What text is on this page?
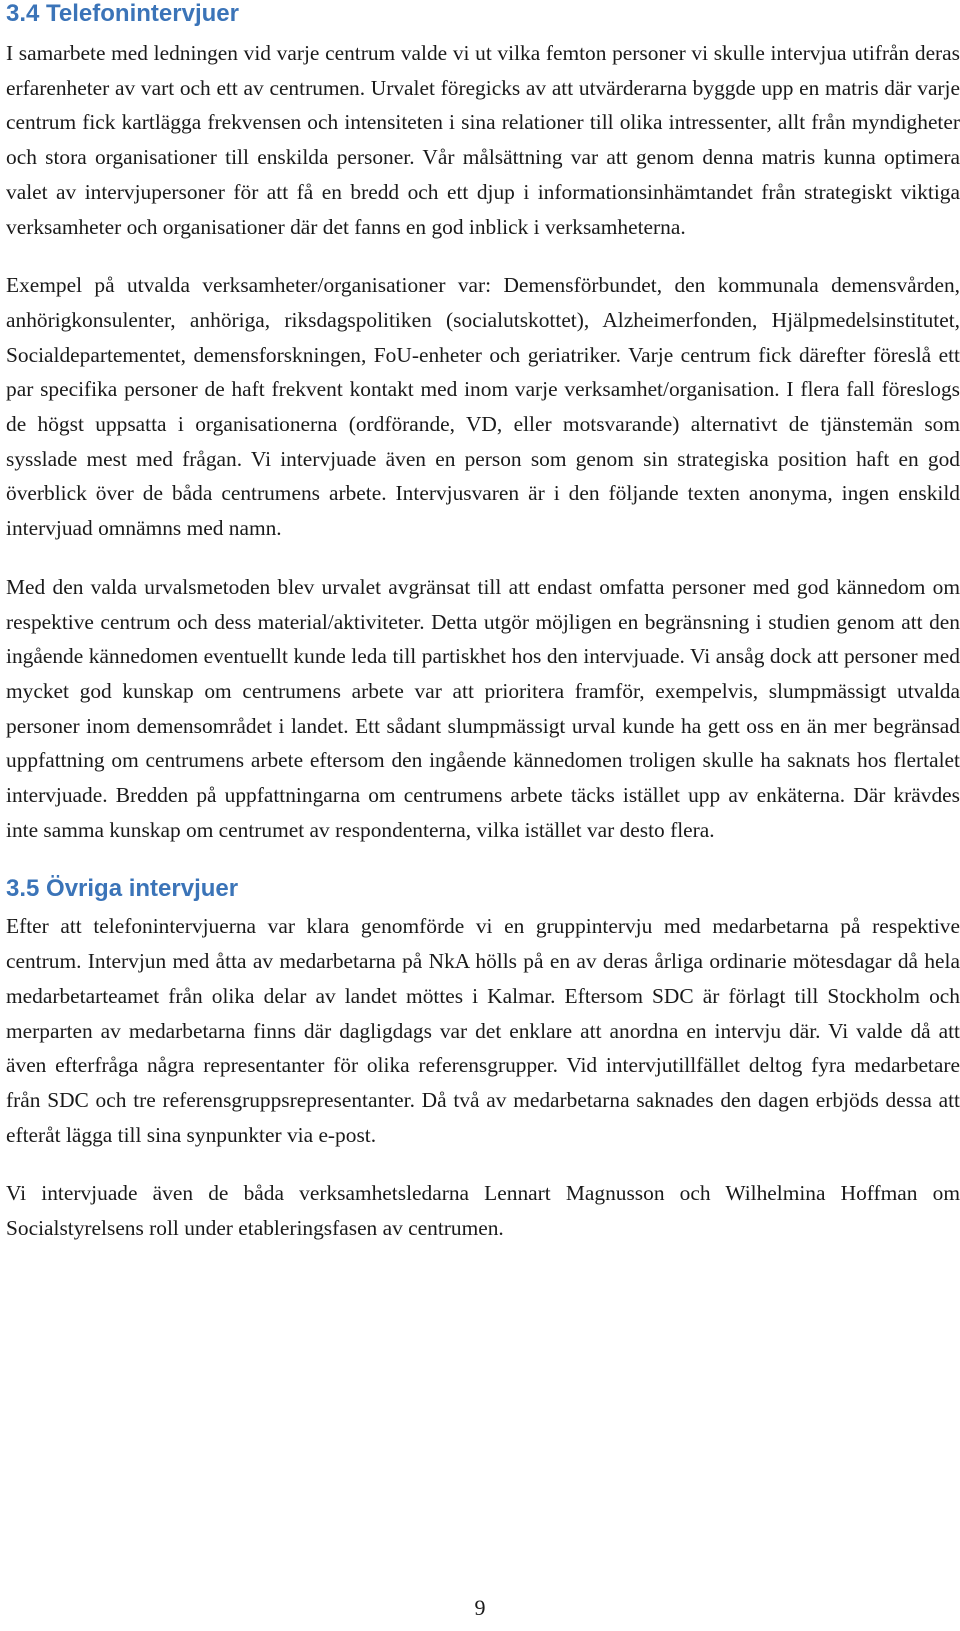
3.4 Telefonintervjuer

I samarbete med ledningen vid varje centrum valde vi ut vilka femton personer vi skulle intervjua utifrån deras erfarenheter av vart och ett av centrumen. Urvalet föregicks av att utvärderarna byggde upp en matris där varje centrum fick kartlägga frekvensen och intensiteten i sina relationer till olika intressenter, allt från myndigheter och stora organisationer till enskilda personer. Vår målsättning var att genom denna matris kunna optimera valet av intervjupersoner för att få en bredd och ett djup i informationsinhämtandet från strategiskt viktiga verksamheter och organisationer där det fanns en god inblick i verksamheterna.

Exempel på utvalda verksamheter/organisationer var: Demensförbundet, den kommunala demensvården, anhörigkonsulenter, anhöriga, riksdagspolitiken (socialutskottet), Alzheimerfonden, Hjälpmedelsinstitutet, Socialdepartementet, demensforskningen, FoU-enheter och geriatriker. Varje centrum fick därefter föreslå ett par specifika personer de haft frekvent kontakt med inom varje verksamhet/organisation. I flera fall föreslogs de högst uppsatta i organisationerna (ordförande, VD, eller motsvarande) alternativt de tjänstemän som sysslade mest med frågan. Vi intervjuade även en person som genom sin strategiska position haft en god överblick över de båda centrumens arbete. Intervjusvaren är i den följande texten anonyma, ingen enskild intervjuad omnämns med namn.

Med den valda urvalsmetoden blev urvalet avgränsat till att endast omfatta personer med god kännedom om respektive centrum och dess material/aktiviteter. Detta utgör möjligen en begränsning i studien genom att den ingående kännedomen eventuellt kunde leda till partiskhet hos den intervjuade. Vi ansåg dock att personer med mycket god kunskap om centrumens arbete var att prioritera framför, exempelvis, slumpmässigt utvalda personer inom demensområdet i landet. Ett sådant slumpmässigt urval kunde ha gett oss en än mer begränsad uppfattning om centrumens arbete eftersom den ingående kännedomen troligen skulle ha saknats hos flertalet intervjuade. Bredden på uppfattningarna om centrumens arbete täcks istället upp av enkäterna. Där krävdes inte samma kunskap om centrumet av respondenterna, vilka istället var desto flera.

3.5 Övriga intervjuer

Efter att telefonintervjuerna var klara genomförde vi en gruppintervju med medarbetarna på respektive centrum. Intervjun med åtta av medarbetarna på NkA hölls på en av deras årliga ordinarie mötesdagar då hela medarbetarteamet från olika delar av landet möttes i Kalmar. Eftersom SDC är förlagt till Stockholm och merparten av medarbetarna finns där dagligdags var det enklare att anordna en intervju där. Vi valde då att även efterfråga några representanter för olika referensgrupper. Vid intervjutillfället deltog fyra medarbetare från SDC och tre referensgruppsrepresentanter. Då två av medarbetarna saknades den dagen erbjöds dessa att efteråt lägga till sina synpunkter via e-post.

Vi intervjuade även de båda verksamhetsledarna Lennart Magnusson och Wilhelmina Hoffman om Socialstyrelsens roll under etableringsfasen av centrumen.

9
